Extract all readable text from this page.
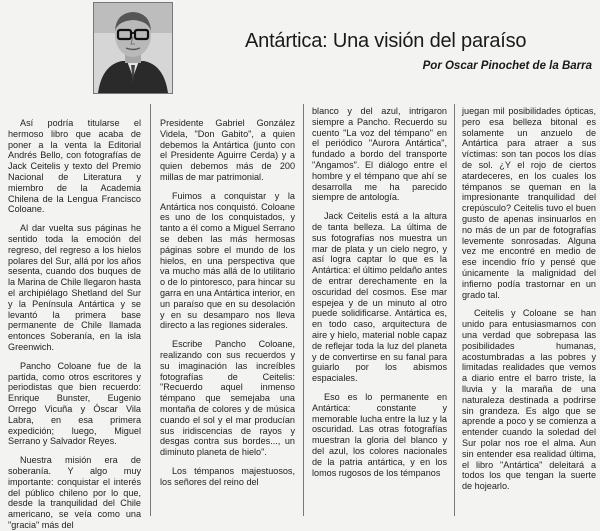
Antártica: Una visión del paraíso
Por Oscar Pinochet de la Barra

Así podría titularse el hermoso libro que acaba de poner a la venta la Editorial Andrés Bello, con fotografías de Jack Ceitelis y texto del Premio Nacional de Literatura y miembro de la Academia Chilena de la Lengua Francisco Coloane.

Al dar vuelta sus páginas he sentido toda la emoción del regreso, del regreso a los hielos polares del Sur, allá por los años sesenta, cuando dos buques de la Marina de Chile llegaron hasta el archipiélago Shetland del Sur y la Península Antártica y se levantó la primera base permanente de Chile llamada entonces Soberanía, en la isla Greenwich.

Pancho Coloane fue de la partida, como otros escritores y periodistas que bien recuerdo: Enrique Bunster, Eugenio Orrego Vicuña y Óscar Vila Labra, en esa primera expedición; luego, Miguel Serrano y Salvador Reyes.

Nuestra misión era de soberanía. Y algo muy importante: conquistar el interés del público chileno por lo que, desde la tranquilidad del Chile americano, se veía como una "gracia" más del

Presidente Gabriel González Videla, "Don Gabito", a quien debemos la Antártica (junto con el Presidente Aguirre Cerda) y a quien debemos más de 200 millas de mar patrimonial.

Fuimos a conquistar y la Antártica nos conquistó. Coloane es uno de los conquistados, y tanto a él como a Miguel Serrano se deben las más hermosas páginas sobre el mundo de los hielos, en una perspectiva que va mucho más allá de lo utilitario o de lo pintoresco, para hincar su garra en una Antártica interior, en un paraíso que en su desolación y en su desamparo nos lleva directo a las regiones siderales.

Escribe Pancho Coloane, realizando con sus recuerdos y su imaginación las increíbles fotografías de Ceitelis: "Recuerdo aquel inmenso témpano que semejaba una montaña de colores y de música cuando el sol y el mar producían sus iridiscencias de rayos y desgas contra sus bordes..., un diminuto planeta de hielo".

Los témpanos majestuosos, los señores del reino del

blanco y del azul, intrigaron siempre a Pancho. Recuerdo su cuento "La voz del témpano" en el periódico "Aurora Antártica", fundado a bordo del transporte "Angamos". El diálogo entre el hombre y el témpano que ahí se desarrolla me ha parecido siempre de antología.

Jack Ceitelis está a la altura de tanta belleza. La última de sus fotografías nos muestra un mar de plata y un cielo negro, y así logra captar lo que es la Antártica: el último peldaño antes de entrar derechamente en la oscuridad del cosmos. Ese mar espejea y de un minuto al otro puede solidificarse. Antártica es, en todo caso, arquitectura de aire y hielo, material noble capaz de reflejar toda la luz del planeta y de convertirse en su fanal para guiarlo por los abismos espaciales.

Eso es lo permanente en Antártica: constante y memorable lucha entre la luz y la oscuridad. Las otras fotografías muestran la gloria del blanco y del azul, los colores nacionales de la patria antártica, y en los lomos rugosos de los témpanos

juegan mil posibilidades ópticas, pero esa belleza bitonal es solamente un anzuelo de Antártica para atraer a sus víctimas: son tan pocos los días de sol. ¿Y el rojo de ciertos atardeceres, en los cuales los témpanos se queman en la impresionante tranquilidad del crepúsculo? Ceitelis tuvo el buen gusto de apenas insinuarlos en no más de un par de fotografías levemente sonrosadas. Alguna vez me encontré en medio de ese incendio frío y pensé que únicamente la malignidad del infierno podía trastornar en un grado tal.

Ceitelis y Coloane se han unido para entusiasmarnos con una verdad que sobrepasa las posibilidades humanas, acostumbradas a las pobres y limitadas realidades que vemos a diario entre el barro triste, la lluvia y la maraña de una naturaleza destinada a podrirse sin grandeza. Es algo que se aprende a poco y se comienza a entender cuando la soledad del Sur polar nos roe el alma. Aun sin entender esa realidad última, el libro "Antártica" deleitará a todos los que tengan la suerte de hojearlo.
